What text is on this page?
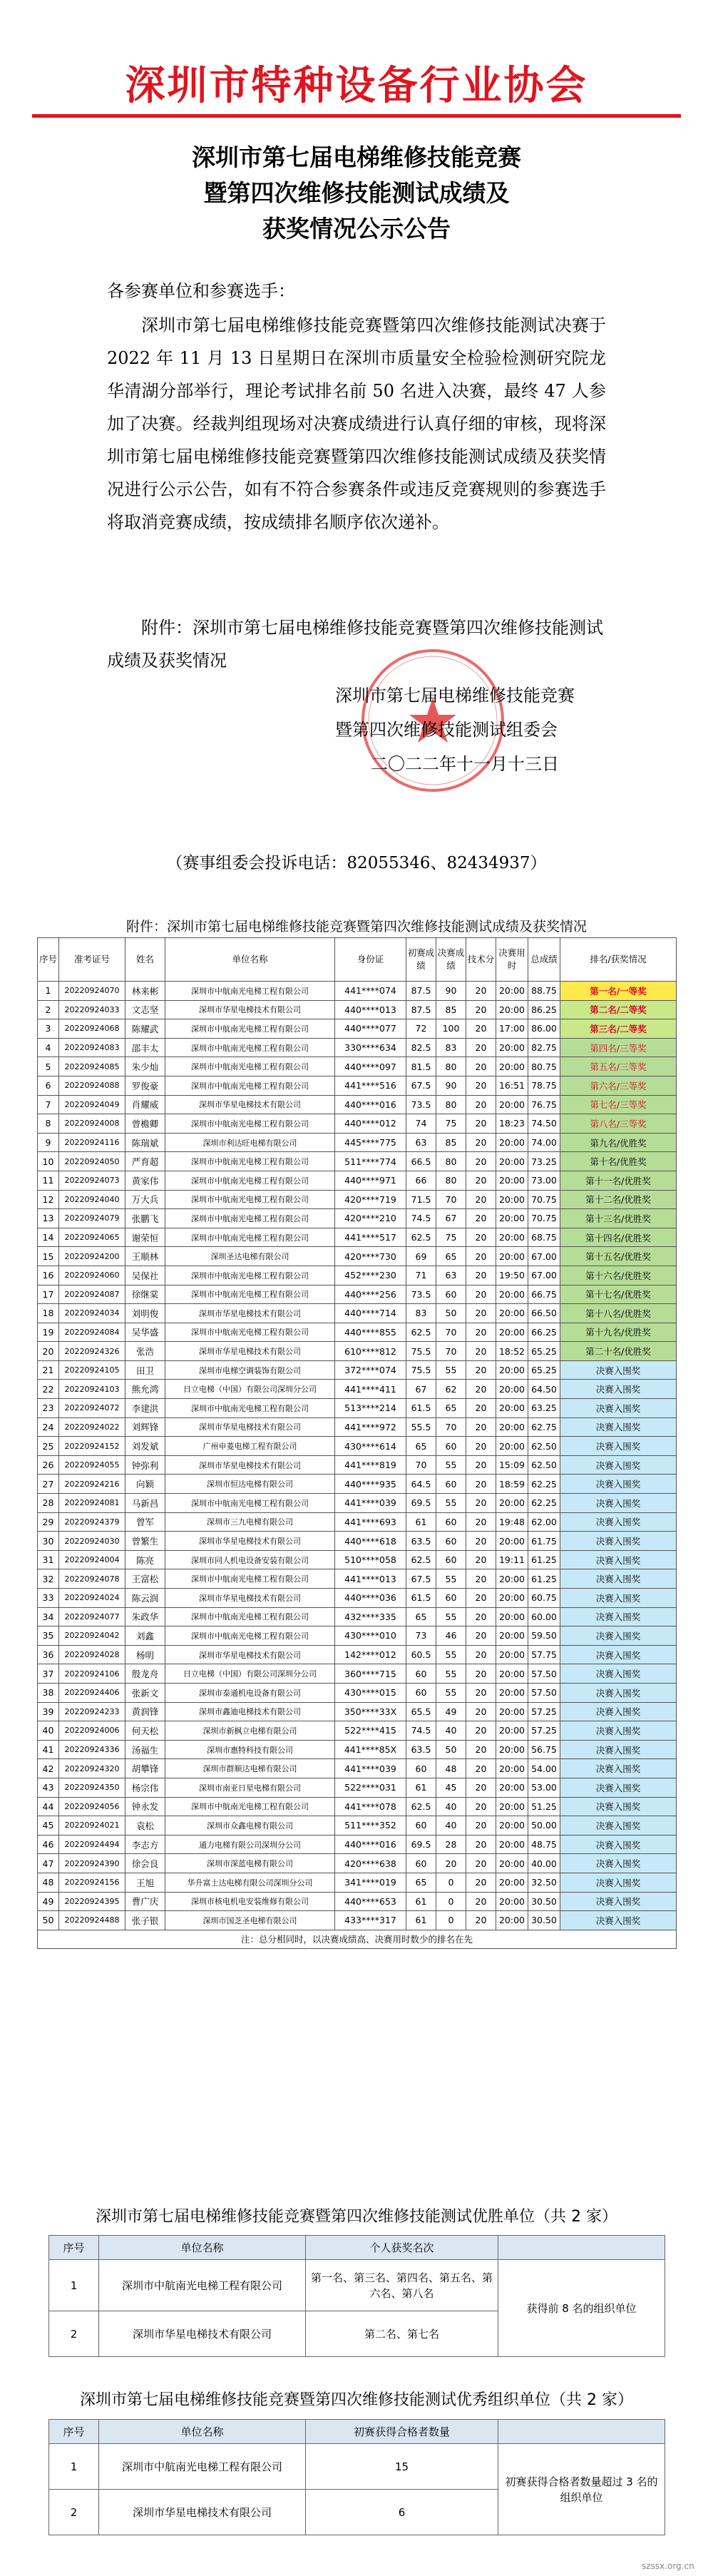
深圳市特种设备行业协会
深圳市第七届电梯维修技能竞赛
暨第四次维修技能测试成绩及
获奖情况公示公告
各参赛单位和参赛选手：
深圳市第七届电梯维修技能竞赛暨第四次维修技能测试决赛于 2022 年 11 月 13 日星期日在深圳市质量安全检验检测研究院龙华清湖分部举行，理论考试排名前 50 名进入决赛，最终 47 人参加了决赛。经裁判组现场对决赛成绩进行认真仔细的审核，现将深圳市第七届电梯维修技能竞赛暨第四次维修技能测试成绩及获奖情况进行公示公告，如有不符合参赛条件或违反竞赛规则的参赛选手将取消竞赛成绩，按成绩排名顺序依次递补。
附件：深圳市第七届电梯维修技能竞赛暨第四次维修技能测试成绩及获奖情况
深圳市第七届电梯维修技能竞赛
暨第四次维修技能测试组委会
二〇二二年十一月十三日
（赛事组委会投诉电话：82055346、82434937）
附件：深圳市第七届电梯维修技能竞赛暨第四次维修技能测试成绩及获奖情况
序号	准考证号	姓名	单位名称	身份证	初赛成绩	决赛成绩	技术分	决赛用时	总成绩	排名/获奖情况
1	20220924070	林来彬	深圳市中航南光电梯工程有限公司	441****074	87.5	90	20	20:00	88.75	第一名/一等奖
2	20220924033	文志坚	深圳市华星电梯技术有限公司	440****013	87.5	85	20	20:00	86.25	第二名/二等奖
3	20220924068	陈耀武	深圳市中航南光电梯工程有限公司	440****077	72	100	20	17:00	86.00	第三名/二等奖
4	20220924083	邵丰太	深圳市中航南光电梯工程有限公司	330****634	82.5	83	20	20:00	82.75	第四名/三等奖
5	20220924085	朱少灿	深圳市中航南光电梯工程有限公司	440****097	81.5	80	20	20:00	80.75	第五名/三等奖
6	20220924088	罗俊豪	深圳市中航南光电梯工程有限公司	441****516	67.5	90	20	16:51	78.75	第六名/三等奖
7	20220924049	肖耀威	深圳市华星电梯技术有限公司	440****016	73.5	80	20	20:00	76.75	第七名/三等奖
8	20220924008	曾檐卿	深圳市中航南光电梯工程有限公司	440****012	74	75	20	18:23	74.50	第八名/三等奖
9	20220924116	陈瑞斌	深圳市利达旺电梯有限公司	445****775	63	85	20	20:00	74.00	第九名/优胜奖
10	20220924050	严育超	深圳市中航南光电梯工程有限公司	511****774	66.5	80	20	20:00	73.25	第十名/优胜奖
11	20220924073	黄家伟	深圳市中航南光电梯工程有限公司	440****971	66	80	20	20:00	73.00	第十一名/优胜奖
12	20220924040	万大兵	深圳市中航南光电梯工程有限公司	420****719	71.5	70	20	20:00	70.75	第十二名/优胜奖
13	20220924079	张鹏飞	深圳市中航南光电梯工程有限公司	420****210	74.5	67	20	20:00	70.75	第十三名/优胜奖
14	20220924065	谢荣恒	深圳市中航南光电梯工程有限公司	441****517	62.5	75	20	20:00	68.75	第十四名/优胜奖
15	20220924200	王顺林	深圳圣达电梯有限公司	420****730	69	65	20	20:00	67.00	第十五名/优胜奖
16	20220924060	吴保社	深圳市中航南光电梯工程有限公司	452****230	71	63	20	19:50	67.00	第十六名/优胜奖
17	20220924087	徐继棠	深圳市中航南光电梯工程有限公司	440****256	73.5	60	20	20:00	66.75	第十七名/优胜奖
18	20220924034	刘明俊	深圳市华星电梯技术有限公司	440****714	83	50	20	20:00	66.50	第十八名/优胜奖
19	20220924084	吴华盛	深圳市中航南光电梯工程有限公司	440****855	62.5	70	20	20:00	66.25	第十九名/优胜奖
20	20220924326	张浩	深圳市华星电梯技术有限公司	610****812	75.5	70	20	18:52	65.25	第二十名/优胜奖
21	20220924105	田卫	深圳市电梯空调装饰有限公司	372****074	75.5	55	20	20:00	65.25	决赛入围奖
22	20220924103	熊允鸿	日立电梯（中国）有限公司深圳分公司	441****411	67	62	20	20:00	64.50	决赛入围奖
23	20220924072	李建洪	深圳市中航南光电梯工程有限公司	513****214	61.5	65	20	20:00	63.25	决赛入围奖
24	20220924022	刘辉锋	深圳市华星电梯技术有限公司	441****972	55.5	70	20	20:00	62.75	决赛入围奖
25	20220924152	刘发斌	广州申菱电梯工程有限公司	430****614	65	60	20	20:00	62.50	决赛入围奖
26	20220924055	钟弥利	深圳市华星电梯技术有限公司	441****819	70	55	20	15:09	62.50	决赛入围奖
27	20220924216	向颖	深圳市恒达电梯有限公司	440****935	64.5	60	20	18:59	62.25	决赛入围奖
28	20220924081	马新昌	深圳市中航南光电梯工程有限公司	441****039	69.5	55	20	20:00	62.25	决赛入围奖
29	20220924379	曾军	深圳市三九电梯有限公司	441****693	61	60	20	19:48	62.00	决赛入围奖
30	20220924030	曾繁生	深圳市华星电梯技术有限公司	440****618	63.5	60	20	20:00	61.75	决赛入围奖
31	20220924004	陈亮	深圳市同人机电设备安装有限公司	510****058	62.5	60	20	19:11	61.25	决赛入围奖
32	20220924078	王富松	深圳市中航南光电梯工程有限公司	441****013	67.5	55	20	20:00	61.25	决赛入围奖
33	20220924024	陈云润	深圳市华星电梯技术有限公司	440****036	61.5	60	20	20:00	60.75	决赛入围奖
34	20220924077	朱政华	深圳市中航南光电梯工程有限公司	432****335	65	55	20	20:00	60.00	决赛入围奖
35	20220924042	刘鑫	深圳市中航南光电梯工程有限公司	430****010	73	46	20	20:00	59.50	决赛入围奖
36	20220924028	杨明	深圳市华星电梯技术有限公司	142****012	60.5	55	20	20:00	57.75	决赛入围奖
37	20220924106	殷龙舟	日立电梯（中国）有限公司深圳分公司	360****715	60	55	20	20:00	57.50	决赛入围奖
38	20220924406	张新文	深圳市泰通机电设备有限公司	430****015	60	55	20	20:00	57.50	决赛入围奖
39	20220924233	黄润锋	深圳市鑫迪电梯技术有限公司	350****33X	65.5	49	20	20:00	57.25	决赛入围奖
40	20220924006	何天松	深圳市新枫立电梯有限公司	522****415	74.5	40	20	20:00	57.25	决赛入围奖
41	20220924336	汤福生	深圳市惠特科技有限公司	441****85X	63.5	50	20	20:00	56.75	决赛入围奖
42	20220924320	胡攀锋	深圳市群顺达电梯有限公司	441****039	60	48	20	20:00	54.00	决赛入围奖
43	20220924350	杨宗伟	深圳市南亚日星电梯有限公司	522****031	61	45	20	20:00	53.00	决赛入围奖
44	20220924056	钟永发	深圳市中航南光电梯工程有限公司	441****078	62.5	40	20	20:00	51.25	决赛入围奖
45	20220924021	袁松	深圳市众鑫电梯有限公司	511****352	60	40	20	20:00	50.00	决赛入围奖
46	20220924494	李志方	通力电梯有限公司深圳分公司	440****016	69.5	28	20	20:00	48.75	决赛入围奖
47	20220924390	徐会良	深圳市深蓝电梯有限公司	420****638	60	20	20	20:00	40.00	决赛入围奖
48	20220924156	王旭	华升富士达电梯有限公司深圳分公司	341****019	65	0	20	20:00	32.50	决赛入围奖
49	20220924395	曹广庆	深圳市核电机电安装维修有限公司	440****653	61	0	20	20:00	30.50	决赛入围奖
50	20220924488	张子银	深圳市国芝圣电梯有限公司	433****317	61	0	20	20:00	30.50	决赛入围奖
注：总分相同时，以决赛成绩高、决赛用时数少的排名在先										
深圳市第七届电梯维修技能竞赛暨第四次维修技能测试优胜单位（共 2 家）
序号	单位名称	个人获奖名次	
1	深圳市中航南光电梯工程有限公司	第一名、第三名、第四名、第五名、第六名、第八名	获得前 8 名的组织单位
2	深圳市华星电梯技术有限公司	第二名、第七名	
深圳市第七届电梯维修技能竞赛暨第四次维修技能测试优秀组织单位（共 2 家）
序号	单位名称	初赛获得合格者数量	
1	深圳市中航南光电梯工程有限公司	15	初赛获得合格者数量超过 3 名的组织单位
2	深圳市华星电梯技术有限公司	6	
szssx.org.cn
